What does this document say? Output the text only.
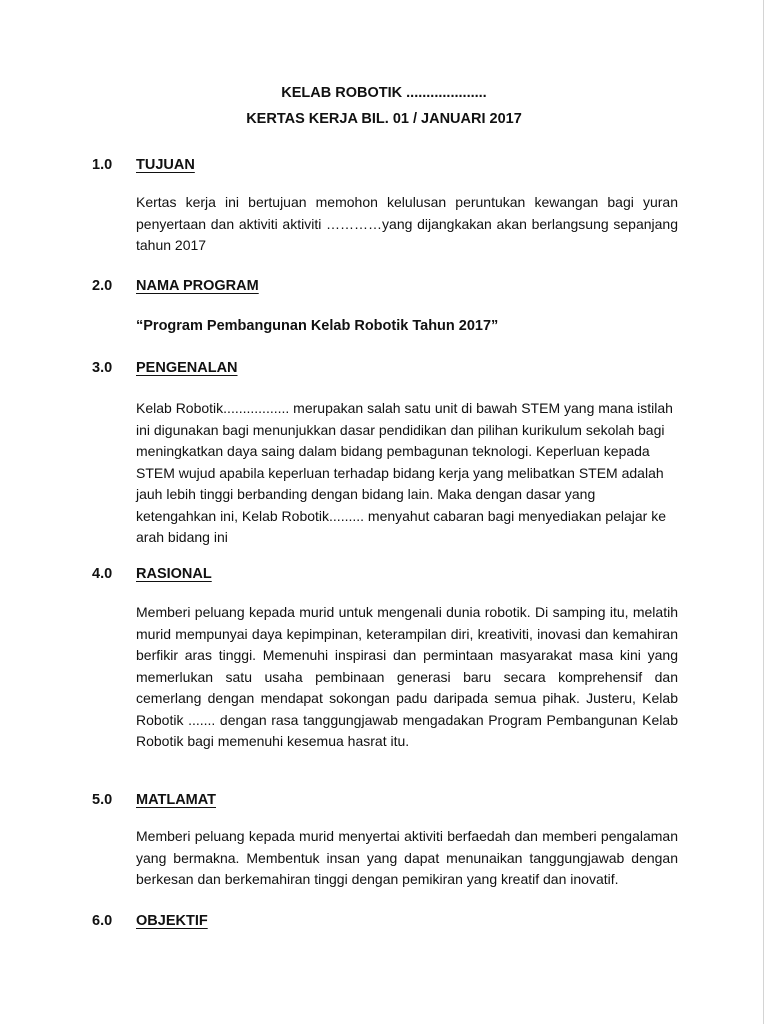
KELAB ROBOTIK ....................
KERTAS KERJA BIL. 01 / JANUARI 2017
1.0 TUJUAN
Kertas kerja ini bertujuan memohon kelulusan peruntukan kewangan bagi yuran penyertaan dan aktiviti aktiviti …………yang dijangkakan akan berlangsung sepanjang tahun 2017
2.0 NAMA PROGRAM
“Program Pembangunan Kelab Robotik Tahun 2017”
3.0 PENGENALAN
Kelab Robotik................. merupakan salah satu unit di bawah STEM yang mana istilah ini digunakan bagi menunjukkan dasar pendidikan dan pilihan kurikulum sekolah bagi meningkatkan daya saing dalam bidang pembagunan teknologi. Keperluan kepada STEM wujud apabila keperluan terhadap bidang kerja yang melibatkan STEM adalah jauh lebih tinggi berbanding dengan bidang lain. Maka dengan dasar yang ketengahkan ini, Kelab Robotik......... menyahut cabaran bagi menyediakan pelajar ke arah bidang ini
4.0 RASIONAL
Memberi peluang kepada murid untuk mengenali dunia robotik. Di samping itu, melatih murid mempunyai daya kepimpinan, keterampilan diri, kreativiti, inovasi dan kemahiran berfikir aras tinggi. Memenuhi inspirasi dan permintaan masyarakat masa kini yang memerlukan satu usaha pembinaan generasi baru secara komprehensif dan cemerlang dengan mendapat sokongan padu daripada semua pihak. Justeru, Kelab Robotik ....... dengan rasa tanggungjawab mengadakan Program Pembangunan Kelab Robotik bagi memenuhi kesemua hasrat itu.
5.0 MATLAMAT
Memberi peluang kepada murid menyertai aktiviti berfaedah dan memberi pengalaman yang bermakna. Membentuk insan yang dapat menunaikan tanggungjawab dengan berkesan dan berkemahiran tinggi dengan pemikiran yang kreatif dan inovatif.
6.0 OBJEKTIF
